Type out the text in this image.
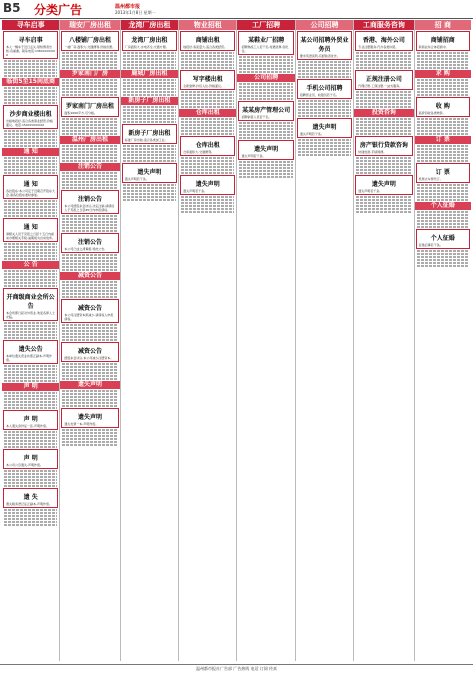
B5 分类广告	温州都市报
2013年1月8日 星期一
寻车启事
寻车启事
本人一辆车于近日丢失,望知情者告知,有重谢。联系电话:138XXXXXXXX
临街5至15间底商
沙步商业楼出租
出租地段好,适合各类商业经营,价格面议。电话:150XXXXXXXX
通 知
通 知
各位股东:本公司定于近期召开股东大会,请各位股东准时参加。
通 知
请相关人员于见报之日起十五日内前来办理相关手续,逾期视为自动放弃。
公 告
开商级商业会所公告
本会所即日起对外营业,欢迎各界人士光临。
遗失公告
本单位遗失营业执照正副本,声明作废。
声 明
声 明
本人遗失身份证一张,声明作废。
声 明
本公司公章遗失,声明作废。
遗 失
遗失税务登记证正副本,声明作废。
瑞安厂房出租
八楼铺厂房出租
一楼厂房,面积大,交通便利,价格优惠。
罗家南门厂房
罗家南门厂房出租
面积1000平方,可分租。
温州厂房出租
注销公告
注销公告
本公司经股东会决议,决定注销,请债权人于见报之日起45日内申报债权。
注销公告
本公司已成立清算组,特此公告。
减资公告
减资公告
本公司注册资本拟减少,请债权人申报债权。
减资公告
经股东会决议,本公司减少注册资本。
遗失声明
遗失声明
遗失发票一本,声明作废。
龙湾厂房出租
龙湾厂房出租
厂房面积大,水电齐全,交通方便。
鹿城厂房出租
新房子厂房出租
新房子厂房出租
标准厂房出租,适合各类加工业。
遗失声明
遗失声明若干条。
物业招租
商铺出租
地段好,客流量大,适合各类经营。
写字楼出租
全新装修,拎包入住,价格面议。
仓库出租
仓库出租
仓库面积大,交通便利。
遗失声明
遗失声明若干条。
工厂招聘
某鞋业厂招聘
招聘熟练工人若干名,待遇优厚,包吃住。
公司招聘
某某房产管理公司
招聘销售人员若干名。
遗失声明
遗失声明若干条。
公司招聘
某公司招聘外贸业务员
要求英语流利,有经验者优先。
手机公司招聘
招聘营业员、收银员若干名。
遗失声明
遗失声明若干条。
工商服务咨询
香港、海外公司
专业注册服务,代办各类执照。
正规注册公司
代理记账,工商注册,一站式服务。
投资咨询
房产银行贷款咨询
快速放款,手续简便。
遗失声明
遗失声明若干条。
招 商
商铺招商
新商业综合体招商中。
求 购
收 购
高价回收各类物资。
订 票
订 票
机票火车票代订。
个人征婚
个人征婚
征婚启事若干条。
温州都市报社广告部 广告热线 电话 订阅 传真
